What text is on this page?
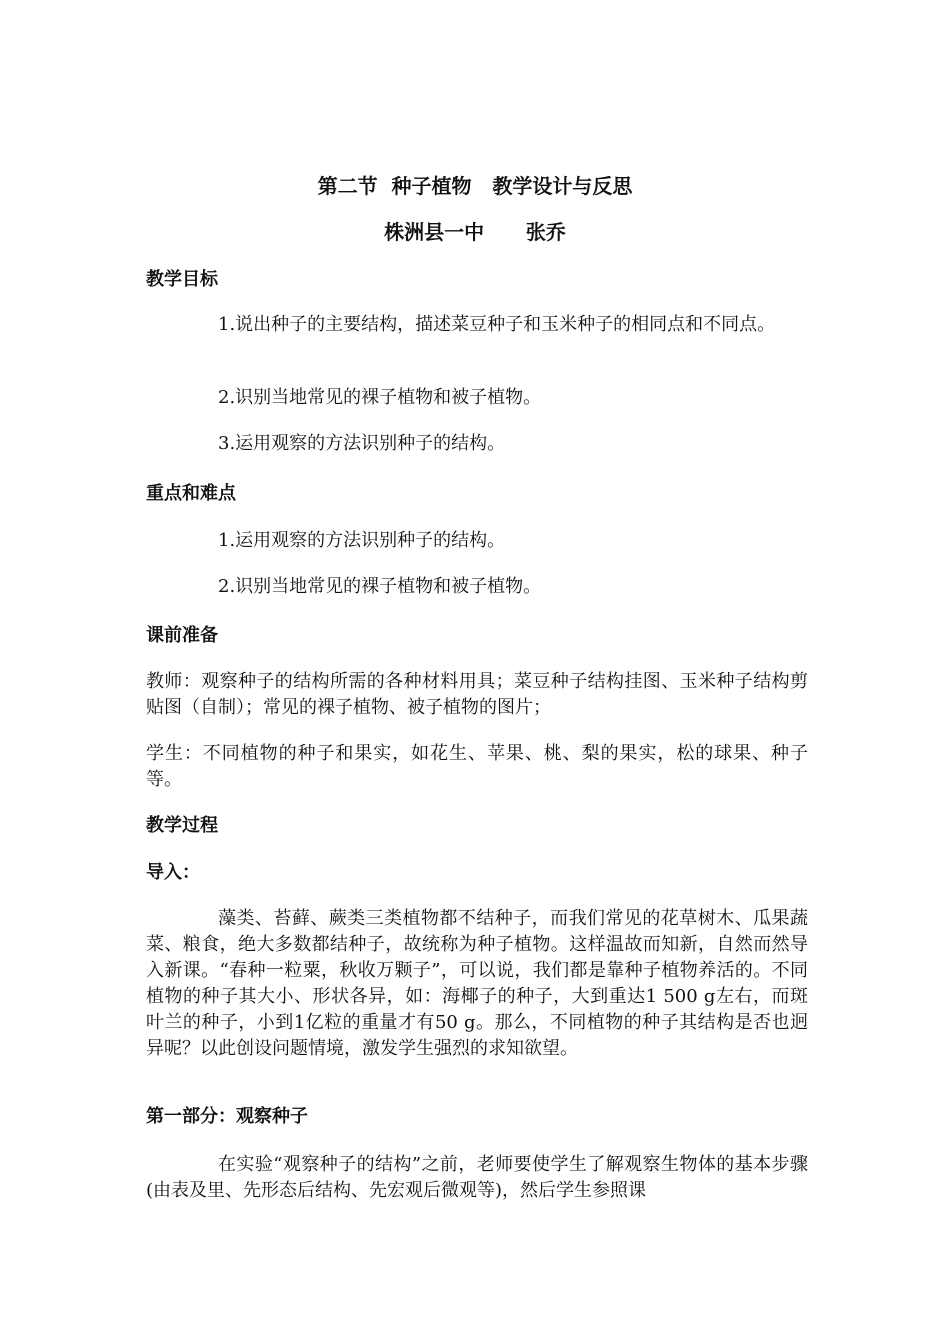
第二节  种子植物   教学设计与反思
株洲县一中      张乔
教学目标
1.说出种子的主要结构，描述菜豆种子和玉米种子的相同点和不同点。
2.识别当地常见的裸子植物和被子植物。
3.运用观察的方法识别种子的结构。
重点和难点
1.运用观察的方法识别种子的结构。
2.识别当地常见的裸子植物和被子植物。
课前准备
教师：观察种子的结构所需的各种材料用具；菜豆种子结构挂图、玉米种子结构剪贴图（自制）；常见的裸子植物、被子植物的图片；
学生：不同植物的种子和果实，如花生、苹果、桃、梨的果实，松的球果、种子等。
教学过程
导入：
藻类、苔藓、蕨类三类植物都不结种子，而我们常见的花草树木、瓜果蔬菜、粮食，绝大多数都结种子，故统称为种子植物。这样温故而知新，自然而然导入新课。“春种一粒粟，秋收万颗子”，可以说，我们都是靠种子植物养活的。不同植物的种子其大小、形状各异，如：海椰子的种子，大到重达1 500 g左右，而斑叶兰的种子，小到1亿粒的重量才有50 g。那么，不同植物的种子其结构是否也迥异呢？以此创设问题情境，激发学生强烈的求知欲望。
第一部分：观察种子
在实验“观察种子的结构”之前，老师要使学生了解观察生物体的基本步骤(由表及里、先形态后结构、先宏观后微观等)，然后学生参照课
